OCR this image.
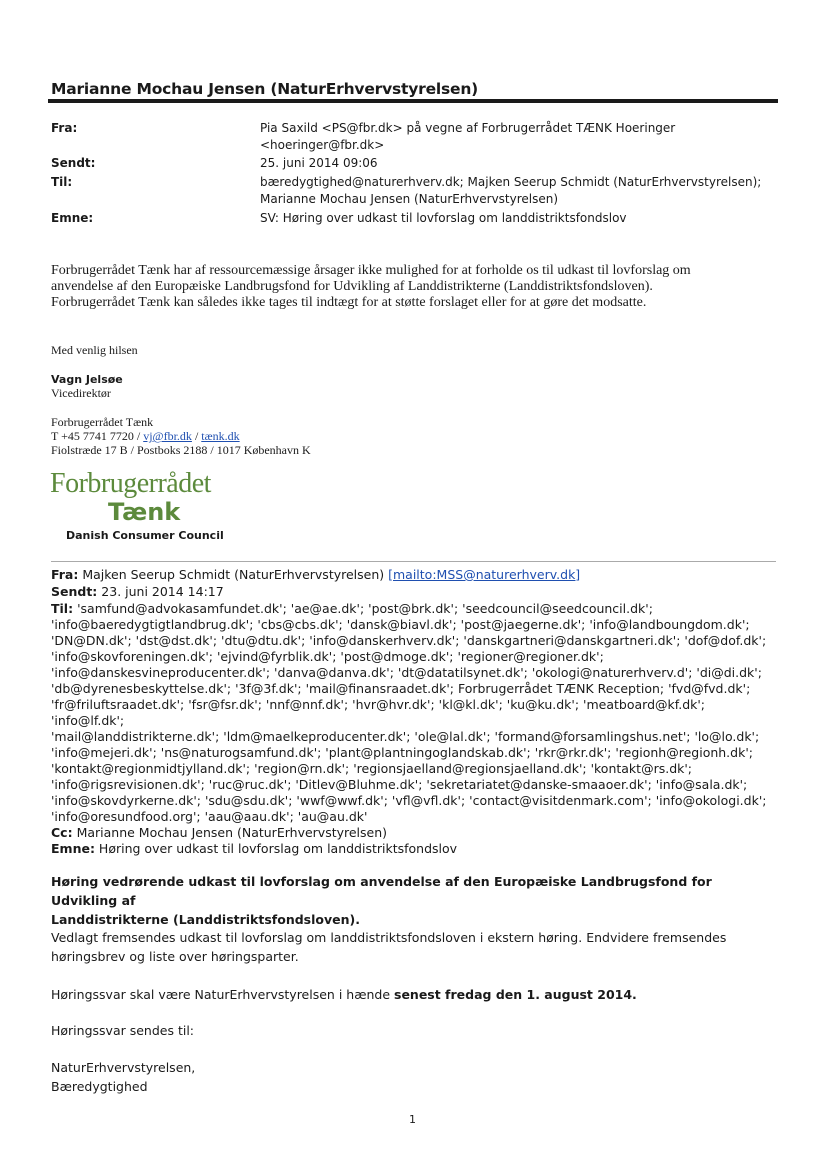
Marianne Mochau Jensen (NaturErhvervstyrelsen)
Fra:	Pia Saxild <PS@fbr.dk> på vegne af Forbrugerrådet TÆNK Hoeringer
<hoeringer@fbr.dk>
Sendt:	25. juni 2014 09:06
Til:	bæredygtighed@naturerhverv.dk; Majken Seerup Schmidt (NaturErhvervstyrelsen);
Marianne Mochau Jensen (NaturErhvervstyrelsen)
Emne:	SV: Høring over udkast til lovforslag om landdistriktsfondslov
Forbrugerrådet Tænk har af ressourcemæssige årsager ikke mulighed for at forholde os til udkast til lovforslag om
anvendelse af den Europæiske Landbrugsfond for Udvikling af Landdistrikterne (Landdistriktsfondsloven).
Forbrugerrådet Tænk kan således ikke tages til indtægt for at støtte forslaget eller for at gøre det modsatte.
Med venlig hilsen
Vagn Jelsøe
Vicedirektør
Forbrugerrådet Tænk
T +45 7741 7720 / vj@fbr.dk / tænk.dk
Fiolstræde 17 B / Postboks 2188 / 1017 København K
Forbrugerrådet
Tænk
Danish Consumer Council
Fra: Majken Seerup Schmidt (NaturErhvervstyrelsen) [mailto:MSS@naturerhverv.dk]
Sendt: 23. juni 2014 14:17
Til: 'samfund@advokasamfundet.dk'; 'ae@ae.dk'; 'post@brk.dk'; 'seedcouncil@seedcouncil.dk';
'info@baeredygtigtlandbrug.dk'; 'cbs@cbs.dk'; 'dansk@biavl.dk'; 'post@jaegerne.dk'; 'info@landboungdom.dk';
'DN@DN.dk'; 'dst@dst.dk'; 'dtu@dtu.dk'; 'info@danskerhverv.dk'; 'danskgartneri@danskgartneri.dk'; 'dof@dof.dk';
'info@skovforeningen.dk'; 'ejvind@fyrblik.dk'; 'post@dmoge.dk'; 'regioner@regioner.dk';
'info@danskesvineproducenter.dk'; 'danva@danva.dk'; 'dt@datatilsynet.dk'; 'okologi@naturerhverv.d'; 'di@di.dk';
'db@dyrenesbeskyttelse.dk'; '3f@3f.dk'; 'mail@finansraadet.dk'; Forbrugerrådet TÆNK Reception; 'fvd@fvd.dk';
'fr@friluftsraadet.dk'; 'fsr@fsr.dk'; 'nnf@nnf.dk'; 'hvr@hvr.dk'; 'kl@kl.dk'; 'ku@ku.dk'; 'meatboard@kf.dk'; 'info@lf.dk';
'mail@landdistrikterne.dk'; 'ldm@maelkeproducenter.dk'; 'ole@lal.dk'; 'formand@forsamlingshus.net'; 'lo@lo.dk';
'info@mejeri.dk'; 'ns@naturogsamfund.dk'; 'plant@plantningoglandskab.dk'; 'rkr@rkr.dk'; 'regionh@regionh.dk';
'kontakt@regionmidtjylland.dk'; 'region@rn.dk'; 'regionsjaelland@regionsjaelland.dk'; 'kontakt@rs.dk';
'info@rigsrevisionen.dk'; 'ruc@ruc.dk'; 'Ditlev@Bluhme.dk'; 'sekretariatet@danske-smaaoer.dk'; 'info@sala.dk';
'info@skovdyrkerne.dk'; 'sdu@sdu.dk'; 'wwf@wwf.dk'; 'vfl@vfl.dk'; 'contact@visitdenmark.com'; 'info@okologi.dk';
'info@oresundfood.org'; 'aau@aau.dk'; 'au@au.dk'
Cc: Marianne Mochau Jensen (NaturErhvervstyrelsen)
Emne: Høring over udkast til lovforslag om landdistriktsfondslov
Høring vedrørende udkast til lovforslag om anvendelse af den Europæiske Landbrugsfond for Udvikling af
Landdistrikterne (Landdistriktsfondsloven).
Vedlagt fremsendes udkast til lovforslag om landdistriktsfondsloven i ekstern høring. Endvidere fremsendes
høringsbrev og liste over høringsparter.
Høringssvar skal være NaturErhvervstyrelsen i hænde senest fredag den 1. august 2014.
Høringssvar sendes til:
NaturErhvervstyrelsen,
Bæredygtighed
1
